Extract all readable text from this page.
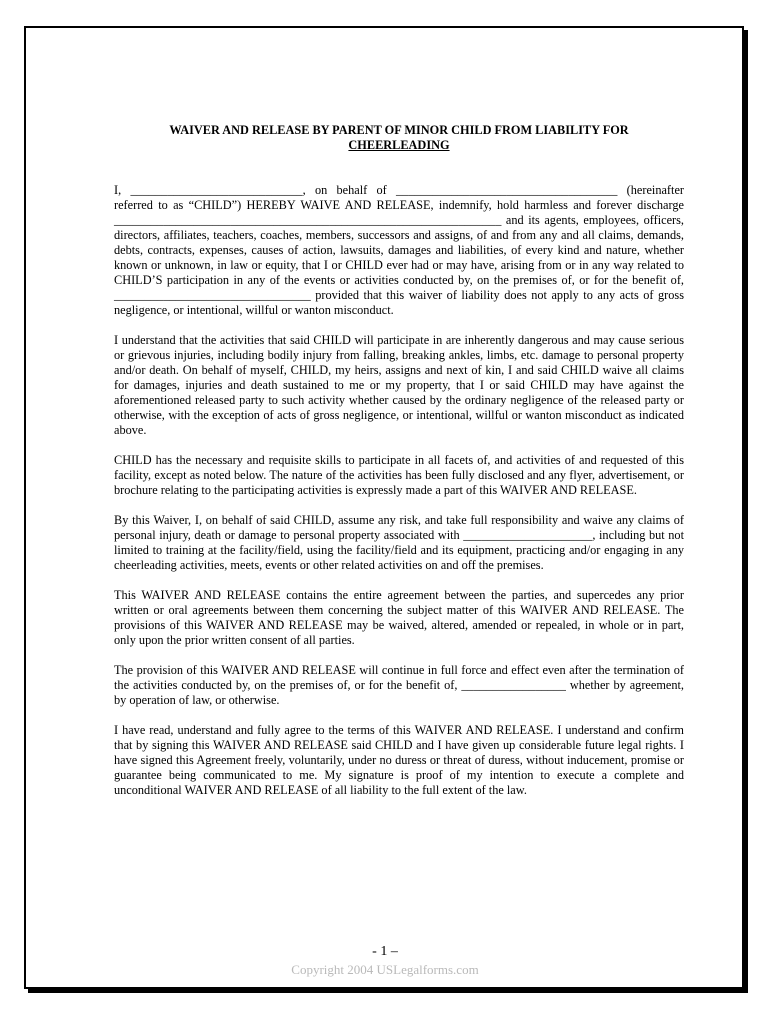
WAIVER AND RELEASE BY PARENT OF MINOR CHILD FROM LIABILITY FOR
CHEERLEADING

I, ____________________________, on behalf of ____________________________________ (hereinafter referred to as “CHILD”) HEREBY WAIVE AND RELEASE, indemnify, hold harmless and forever discharge _______________________________________________________________ and its agents, employees, officers, directors, affiliates, teachers, coaches, members, successors and assigns, of and from any and all claims, demands, debts, contracts, expenses, causes of action, lawsuits, damages and liabilities, of every kind and nature, whether known or unknown, in law or equity, that I or CHILD ever had or may have, arising from or in any way related to CHILD’S participation in any of the events or activities conducted by, on the premises of, or for the benefit of, ________________________________ provided that this waiver of liability does not apply to any acts of gross negligence, or intentional, willful or wanton misconduct.

I understand that the activities that said CHILD will participate in are inherently dangerous and may cause serious or grievous injuries, including bodily injury from falling, breaking ankles, limbs, etc. damage to personal property and/or death. On behalf of myself, CHILD, my heirs, assigns and next of kin, I and said CHILD waive all claims for damages, injuries and death sustained to me or my property, that I or said CHILD may have against the aforementioned released party to such activity whether caused by the ordinary negligence of the released party or otherwise, with the exception of acts of gross negligence, or intentional, willful or wanton misconduct as indicated above.

CHILD has the necessary and requisite skills to participate in all facets of, and activities of and requested of this facility, except as noted below. The nature of the activities has been fully disclosed and any flyer, advertisement, or brochure relating to the participating activities is expressly made a part of this WAIVER AND RELEASE.

By this Waiver, I, on behalf of said CHILD, assume any risk, and take full responsibility and waive any claims of personal injury, death or damage to personal property associated with _____________________, including but not limited to training at the facility/field, using the facility/field and its equipment, practicing and/or engaging in any cheerleading activities, meets, events or other related activities on and off the premises.

This WAIVER AND RELEASE contains the entire agreement between the parties, and supercedes any prior written or oral agreements between them concerning the subject matter of this WAIVER AND RELEASE. The provisions of this WAIVER AND RELEASE may be waived, altered, amended or repealed, in whole or in part, only upon the prior written consent of all parties.

The provision of this WAIVER AND RELEASE will continue in full force and effect even after the termination of the activities conducted by, on the premises of, or for the benefit of, _________________ whether by agreement, by operation of law, or otherwise.

I have read, understand and fully agree to the terms of this WAIVER AND RELEASE. I understand and confirm that by signing this WAIVER AND RELEASE said CHILD and I have given up considerable future legal rights. I have signed this Agreement freely, voluntarily, under no duress or threat of duress, without inducement, promise or guarantee being communicated to me. My signature is proof of my intention to execute a complete and unconditional WAIVER AND RELEASE of all liability to the full extent of the law.

- 1 –
Copyright 2004 USLegalforms.com
